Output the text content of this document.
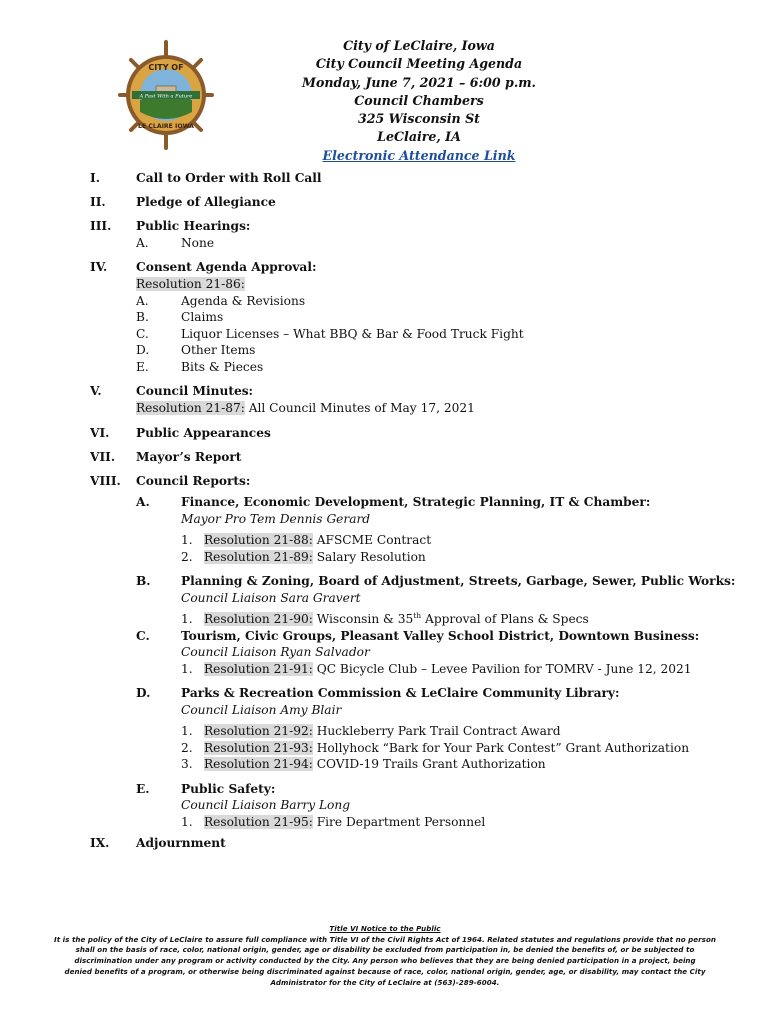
CITY OF
A Past With a Future
LE CLAIRE IOWA
City of LeClaire, Iowa
City Council Meeting Agenda
Monday, June 7, 2021 – 6:00 p.m.
Council Chambers
325 Wisconsin St
LeClaire, IA
Electronic Attendance Link
I.	Call to Order with Roll Call
II. Pledge of Allegiance
III. Public Hearings:
A.	None
IV. Consent Agenda Approval:
Resolution 21-86:
A.	Agenda & Revisions
B.	Claims
C.	Liquor Licenses – What BBQ & Bar & Food Truck Fight
D.	Other Items
E.	Bits & Pieces
V.	Council Minutes:
Resolution 21-87: All Council Minutes of May 17, 2021
VI. Public Appearances
VII. Mayor’s Report
VIII. Council Reports:
A.	Finance, Economic Development, Strategic Planning, IT & Chamber:
Mayor Pro Tem Dennis Gerard
1. Resolution 21-88: AFSCME Contract
2. Resolution 21-89: Salary Resolution
B. Planning & Zoning, Board of Adjustment, Streets, Garbage, Sewer, Public Works:
Council Liaison Sara Gravert
1. Resolution 21-90: Wisconsin & 35th Approval of Plans & Specs
C.	Tourism, Civic Groups, Pleasant Valley School District, Downtown Business:
Council Liaison Ryan Salvador
1. Resolution 21-91: QC Bicycle Club – Levee Pavilion for TOMRV - June 12, 2021
D.	Parks & Recreation Commission & LeClaire Community Library:
Council Liaison Amy Blair
1. Resolution 21-92: Huckleberry Park Trail Contract Award
2. Resolution 21-93: Hollyhock “Bark for Your Park Contest” Grant Authorization
3. Resolution 21-94: COVID-19 Trails Grant Authorization
E.	Public Safety:
Council Liaison Barry Long
1. Resolution 21-95: Fire Department Personnel
IX. Adjournment
Title VI Notice to the Public
It is the policy of the City of LeClaire to assure full compliance with Title VI of the Civil Rights Act of 1964. Related statutes and regulations provide that no person
shall on the basis of race, color, national origin, gender, age or disability be excluded from participation in, be denied the benefits of, or be subjected to
discrimination under any program or activity conducted by the City. Any person who believes that they are being denied participation in a project, being
denied benefits of a program, or otherwise being discriminated against because of race, color, national origin, gender, age, or disability, may contact the City
Administrator for the City of LeClaire at (563)-289-6004.
